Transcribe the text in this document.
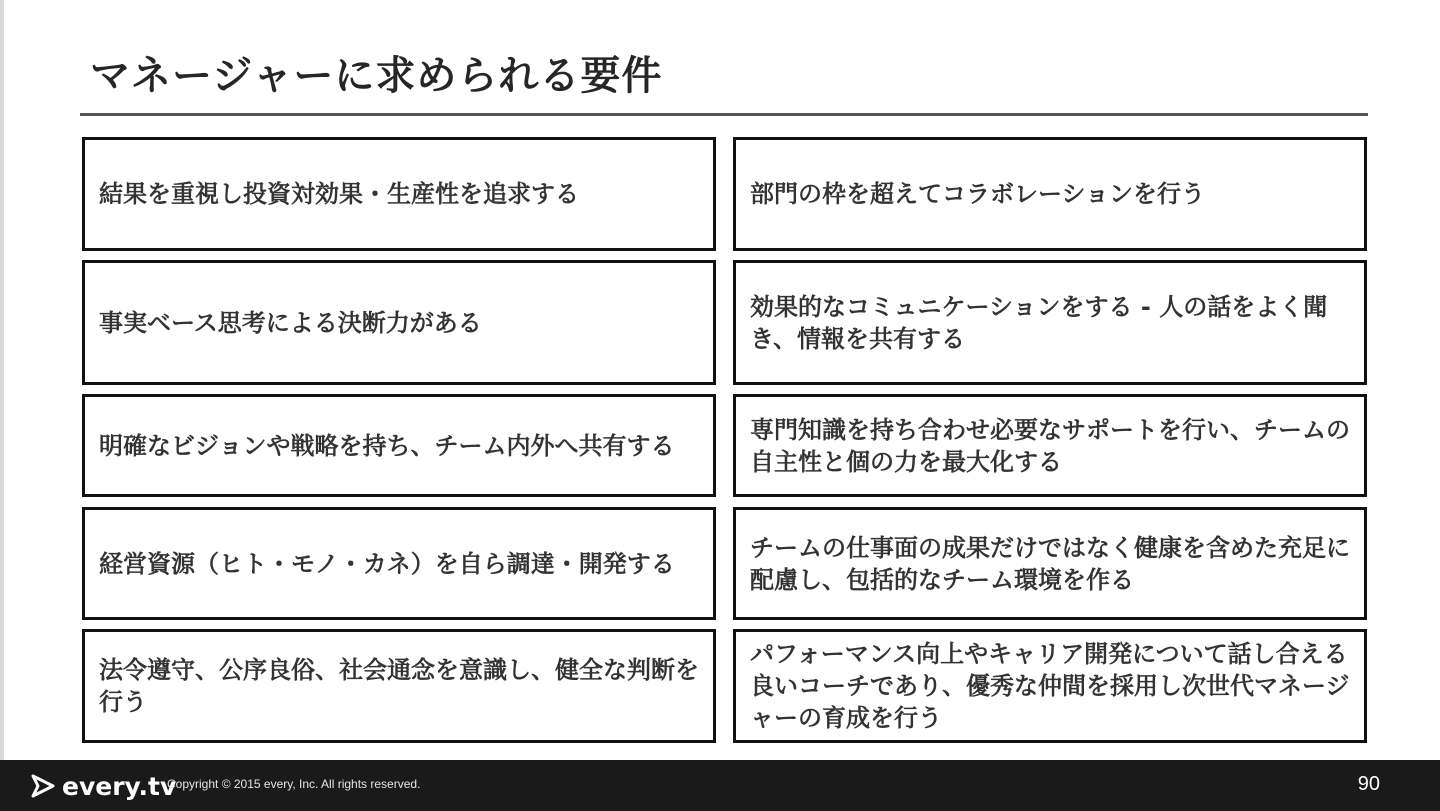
マネージャーに求められる要件
結果を重視し投資対効果・生産性を追求する
事実ベース思考による決断力がある
明確なビジョンや戦略を持ち、チーム内外へ共有する
経営資源（ヒト・モノ・カネ）を自ら調達・開発する
法令遵守、公序良俗、社会通念を意識し、健全な判断を行う
部門の枠を超えてコラボレーションを行う
効果的なコミュニケーションをする - 人の話をよく聞き、情報を共有する
専門知識を持ち合わせ必要なサポートを行い、チームの自主性と個の力を最大化する
チームの仕事面の成果だけではなく健康を含めた充足に配慮し、包括的なチーム環境を作る
パフォーマンス向上やキャリア開発について話し合える良いコーチであり、優秀な仲間を採用し次世代マネージャーの育成を行う
every.tv
Copyright © 2015 every, Inc. All rights reserved.	90
